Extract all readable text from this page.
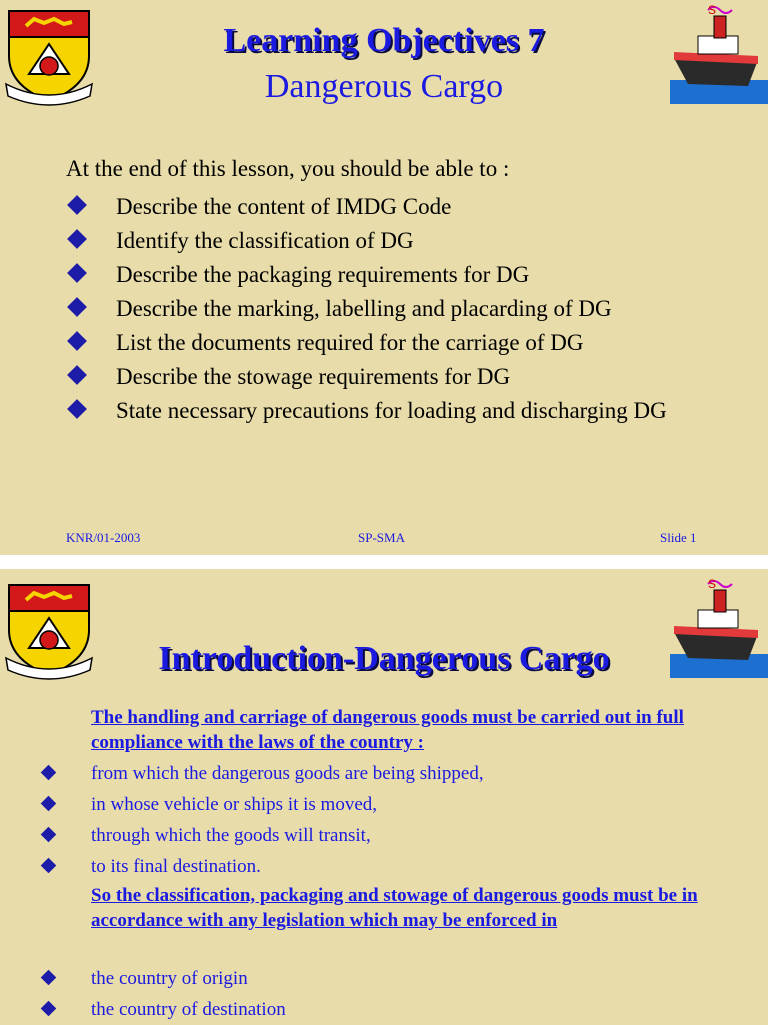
S
Learning Objectives 7
Dangerous Cargo
At the end of this lesson, you should be able to :
Describe the content of IMDG Code
Identify the classification of DG
Describe the packaging requirements for DG
Describe the marking, labelling and placarding of DG
List the documents required for the carriage of DG
Describe the stowage requirements for DG
State necessary precautions for loading and discharging DG
KNR/01-2003	SP-SMA	Slide 1
S
Introduction-Dangerous Cargo
The handling and carriage of dangerous goods must be carried out in full compliance with the laws of the country :
from which the dangerous goods are being shipped,
in whose vehicle or ships it is moved,
through which the goods will transit,
to its final destination.
So the classification, packaging and stowage of dangerous goods must be in accordance with any legislation which may be enforced in
the country of origin
the country of destination
